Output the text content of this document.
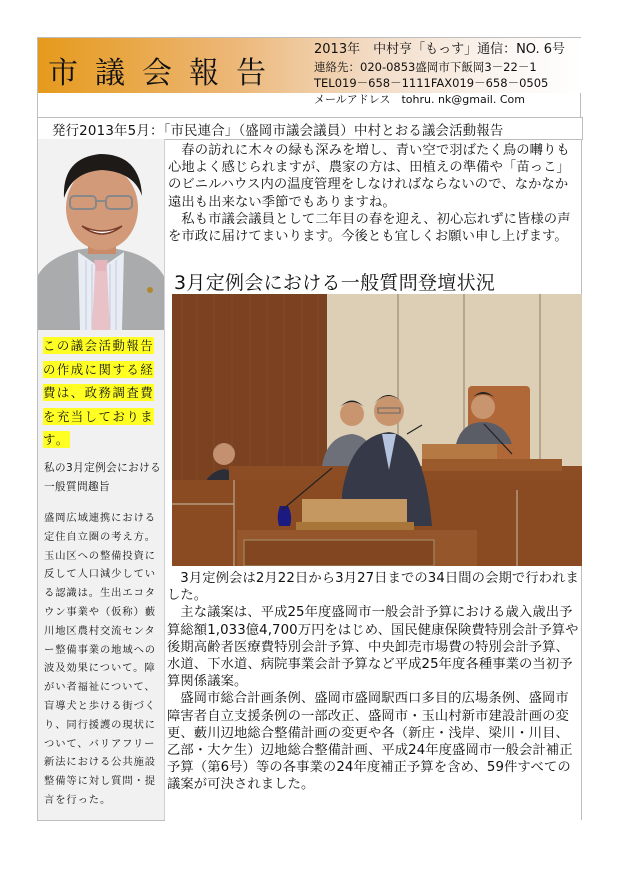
市議会報告
2013年　中村亨「もっす」通信：NO. 6号
連絡先：020-0853盛岡市下飯岡3－22－1
TEL019－658－1111FAX019－658－0505
メールアドレス　tohru. nk@gmail. Com
発行2013年5月：「市民連合」（盛岡市議会議員）中村とおる議会活動報告
この議会活動報告の作成に関する経費は、政務調査費を充当しております。
私の3月定例会における一般質問趣旨
盛岡広域連携における定住自立圏の考え方。玉山区への整備投資に反して人口減少している認識は。生出エコタウン事業や（仮称）藪川地区農村交流センター整備事業の地域への波及効果について。障がい者福祉について、盲導犬と歩ける街づくり、同行援護の現状について、バリアフリー新法における公共施設整備等に対し質問・提言を行った。

春の訪れに木々の緑も深みを増し、青い空で羽ばたく鳥の囀りも心地よく感じられますが、農家の方は、田植えの準備や「苗っこ」のビニルハウス内の温度管理をしなければならないので、なかなか遠出も出来ない季節でもありますね。

私も市議会議員として二年目の春を迎え、初心忘れずに皆様の声を市政に届けてまいります。今後とも宜しくお願い申し上げます。

3月定例会における一般質問登壇状況

3月定例会は2月22日から3月27日までの34日間の会期で行われました。

主な議案は、平成25年度盛岡市一般会計予算における歳入歳出予算総額1,033億4,700万円をはじめ、国民健康保険費特別会計予算や後期高齢者医療費特別会計予算、中央卸売市場費の特別会計予算、水道、下水道、病院事業会計予算など平成25年度各種事業の当初予算関係議案。

盛岡市総合計画条例、盛岡市盛岡駅西口多目的広場条例、盛岡市障害者自立支援条例の一部改正、盛岡市・玉山村新市建設計画の変更、藪川辺地総合整備計画の変更や各（新庄・浅岸、梁川・川目、乙部・大ケ生）辺地総合整備計画、平成24年度盛岡市一般会計補正予算（第6号）等の各事業の24年度補正予算を含め、59件すべての議案が可決されました。
